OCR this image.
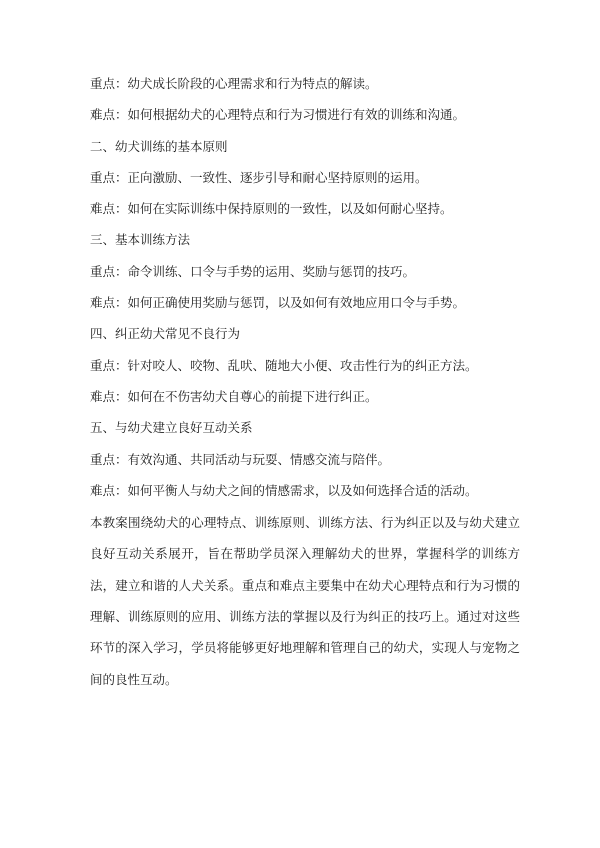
重点：幼犬成长阶段的心理需求和行为特点的解读。
难点：如何根据幼犬的心理特点和行为习惯进行有效的训练和沟通。
二、幼犬训练的基本原则
重点：正向激励、一致性、逐步引导和耐心坚持原则的运用。
难点：如何在实际训练中保持原则的一致性，以及如何耐心坚持。
三、基本训练方法
重点：命令训练、口令与手势的运用、奖励与惩罚的技巧。
难点：如何正确使用奖励与惩罚，以及如何有效地应用口令与手势。
四、纠正幼犬常见不良行为
重点：针对咬人、咬物、乱吠、随地大小便、攻击性行为的纠正方法。
难点：如何在不伤害幼犬自尊心的前提下进行纠正。
五、与幼犬建立良好互动关系
重点：有效沟通、共同活动与玩耍、情感交流与陪伴。
难点：如何平衡人与幼犬之间的情感需求，以及如何选择合适的活动。
本教案围绕幼犬的心理特点、训练原则、训练方法、行为纠正以及与幼犬建立良好互动关系展开，旨在帮助学员深入理解幼犬的世界，掌握科学的训练方法，建立和谐的人犬关系。重点和难点主要集中在幼犬心理特点和行为习惯的理解、训练原则的应用、训练方法的掌握以及行为纠正的技巧上。通过对这些环节的深入学习，学员将能够更好地理解和管理自己的幼犬，实现人与宠物之间的良性互动。
